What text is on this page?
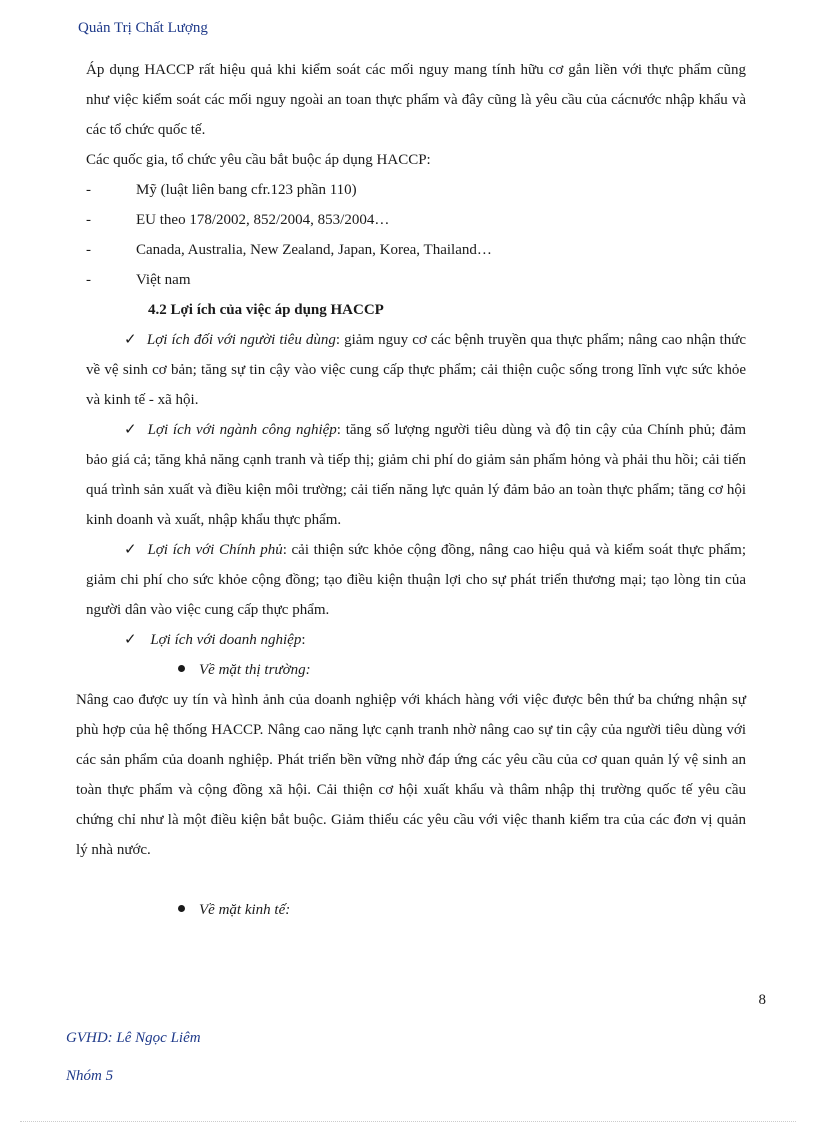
Quản Trị Chất Lượng
Áp dụng HACCP rất hiệu quả khi kiểm soát các mối nguy mang tính hữu cơ gắn liền với thực phẩm cũng như việc kiểm soát các mối nguy ngoài an toan thực phẩm và đây cũng là yêu cầu của cácnước nhập khẩu và các tổ chức quốc tế.
Các quốc gia, tổ chức yêu cầu bắt buộc áp dụng HACCP:
-	Mỹ (luật liên bang cfr.123 phần 110)
-	EU theo 178/2002, 852/2004, 853/2004…
-	Canada, Australia, New Zealand, Japan, Korea, Thailand…
-	Việt nam
4.2 Lợi ích của việc áp dụng HACCP
✓ Lợi ích đối với người tiêu dùng: giảm nguy cơ các bệnh truyền qua thực phẩm; nâng cao nhận thức về vệ sinh cơ bản; tăng sự tin cậy vào việc cung cấp thực phẩm; cải thiện cuộc sống trong lĩnh vực sức khỏe và kinh tế - xã hội.
✓ Lợi ích với ngành công nghiệp: tăng số lượng người tiêu dùng và độ tin cậy của Chính phủ; đảm bảo giá cả; tăng khả năng cạnh tranh và tiếp thị; giảm chi phí do giảm sản phẩm hỏng và phải thu hồi; cải tiến quá trình sản xuất và điều kiện môi trường; cải tiến năng lực quản lý đảm bảo an toàn thực phẩm; tăng cơ hội kinh doanh và xuất, nhập khẩu thực phẩm.
✓ Lợi ích với Chính phủ: cải thiện sức khỏe cộng đồng, nâng cao hiệu quả và kiểm soát thực phẩm; giảm chi phí cho sức khỏe cộng đồng; tạo điều kiện thuận lợi cho sự phát triển thương mại; tạo lòng tin của người dân vào việc cung cấp thực phẩm.
✓ Lợi ích với doanh nghiệp:
Về mặt thị trường:
Nâng cao được uy tín và hình ảnh của doanh nghiệp với khách hàng với việc được bên thứ ba chứng nhận sự phù hợp của hệ thống HACCP. Nâng cao năng lực cạnh tranh nhờ nâng cao sự tin cậy của người tiêu dùng với các sản phẩm của doanh nghiệp. Phát triển bền vững nhờ đáp ứng các yêu cầu của cơ quan quản lý vệ sinh an toàn thực phẩm và cộng đồng xã hội. Cải thiện cơ hội xuất khẩu và thâm nhập thị trường quốc tế yêu cầu chứng chỉ như là một điều kiện bắt buộc. Giảm thiểu các yêu cầu với việc thanh kiểm tra của các đơn vị quản lý nhà nước.
Về mặt kinh tế:
8
GVHD: Lê Ngọc Liêm
Nhóm 5
